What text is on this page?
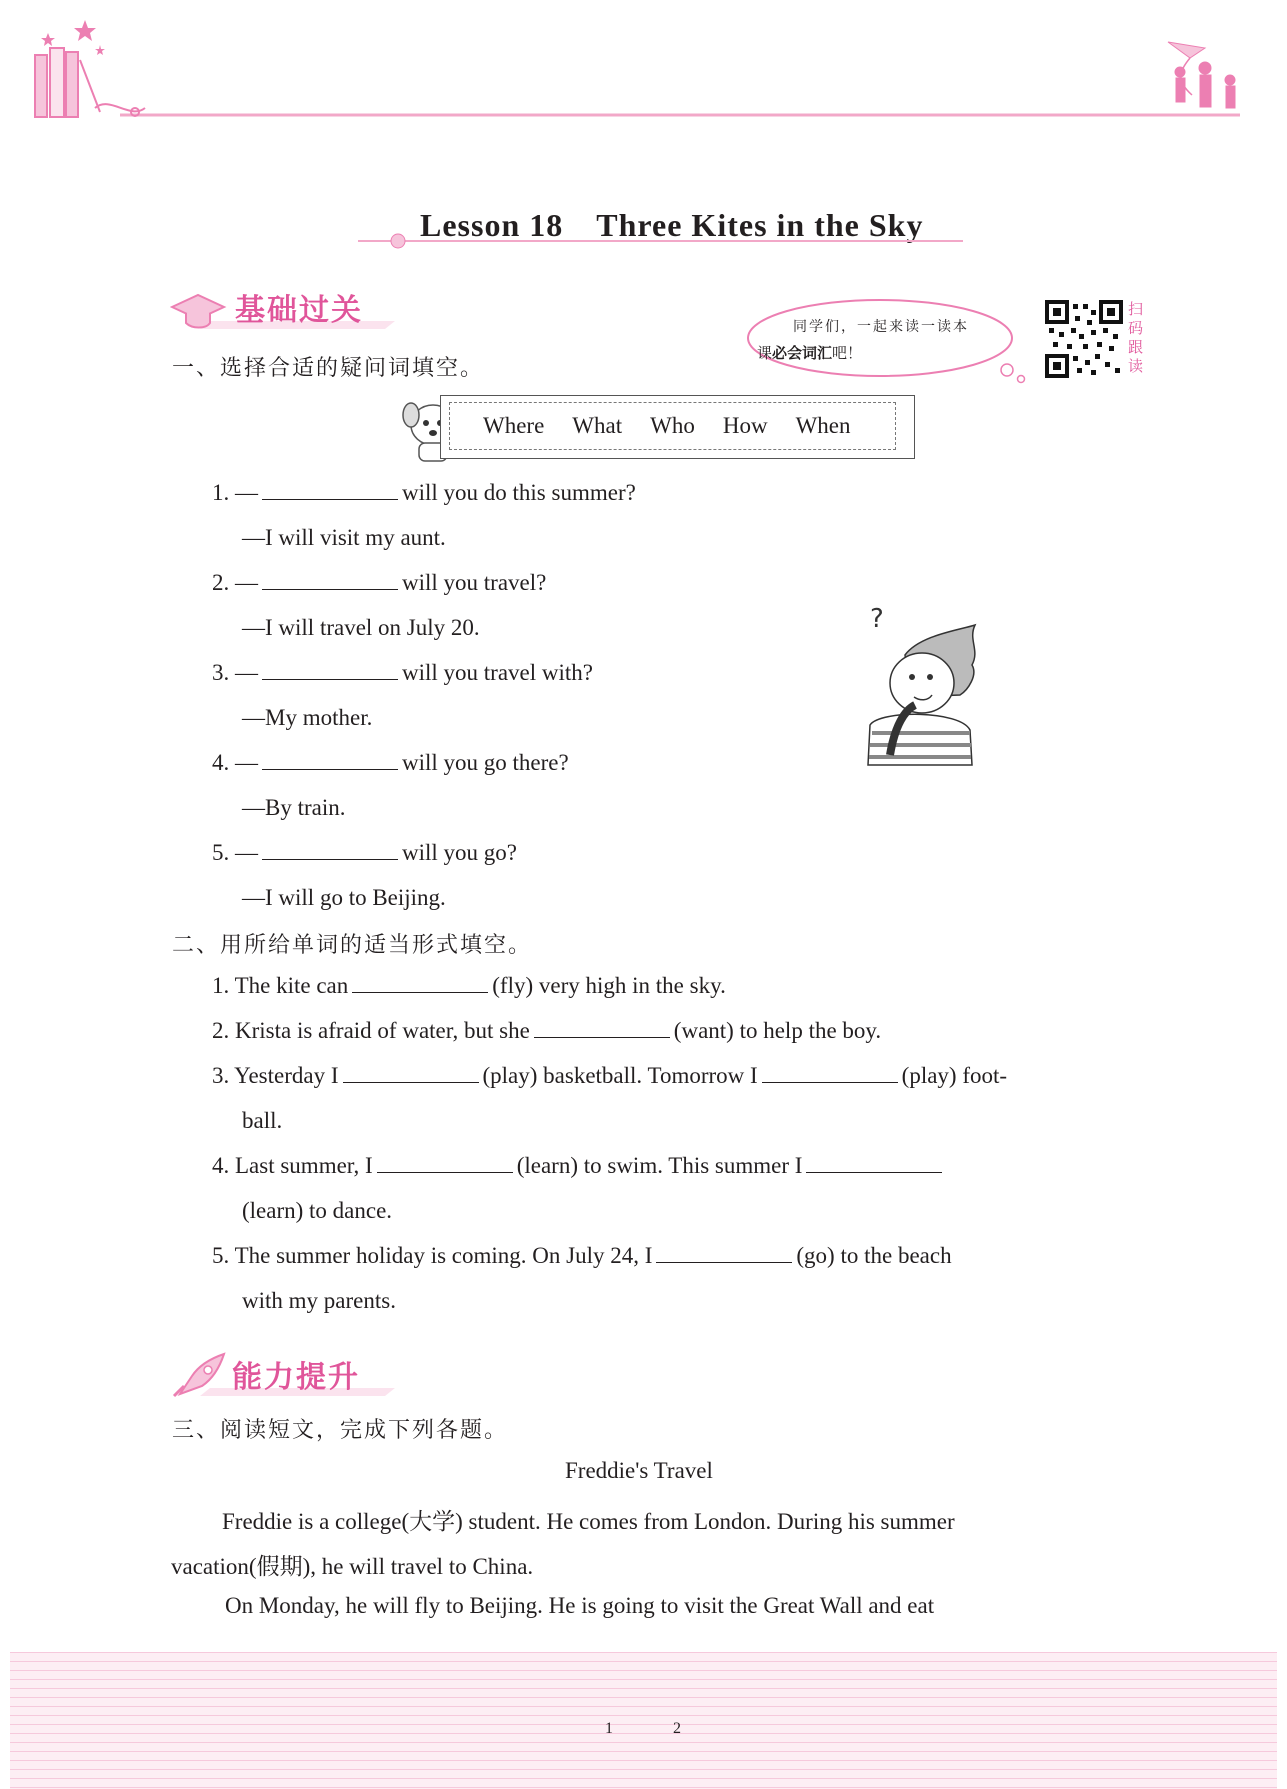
Lesson 18　Three Kites in the Sky
基础过关	同学们，一起来读一读本
课必会词汇吧！
扫码跟读
一、选择合适的疑问词填空。
Where What Who How When
1. —	will you do this summer?
—I will visit my aunt.
2. —	will you travel?
—I will travel on July 20.
3. —	will you travel with?
—My mother.
4. —	will you go there?
—By train.
5. —	will you go?
—I will go to Beijing.
?
二、用所给单词的适当形式填空。
1. The kite can	(fly) very high in the sky.
2. Krista is afraid of water, but she	(want) to help the boy.
3. Yesterday I	(play) basketball. Tomorrow I	(play) foot-
ball.
4. Last summer, I	(learn) to swim. This summer I
(learn) to dance.
5. The summer holiday is coming. On July 24, I	(go) to the beach
with my parents.
能力提升
三、阅读短文，完成下列各题。
Freddie's Travel
Freddie is a college(大学) student. He comes from London. During his summer
vacation(假期), he will travel to China.
On Monday, he will fly to Beijing. He is going to visit the Great Wall and eat
1	2
